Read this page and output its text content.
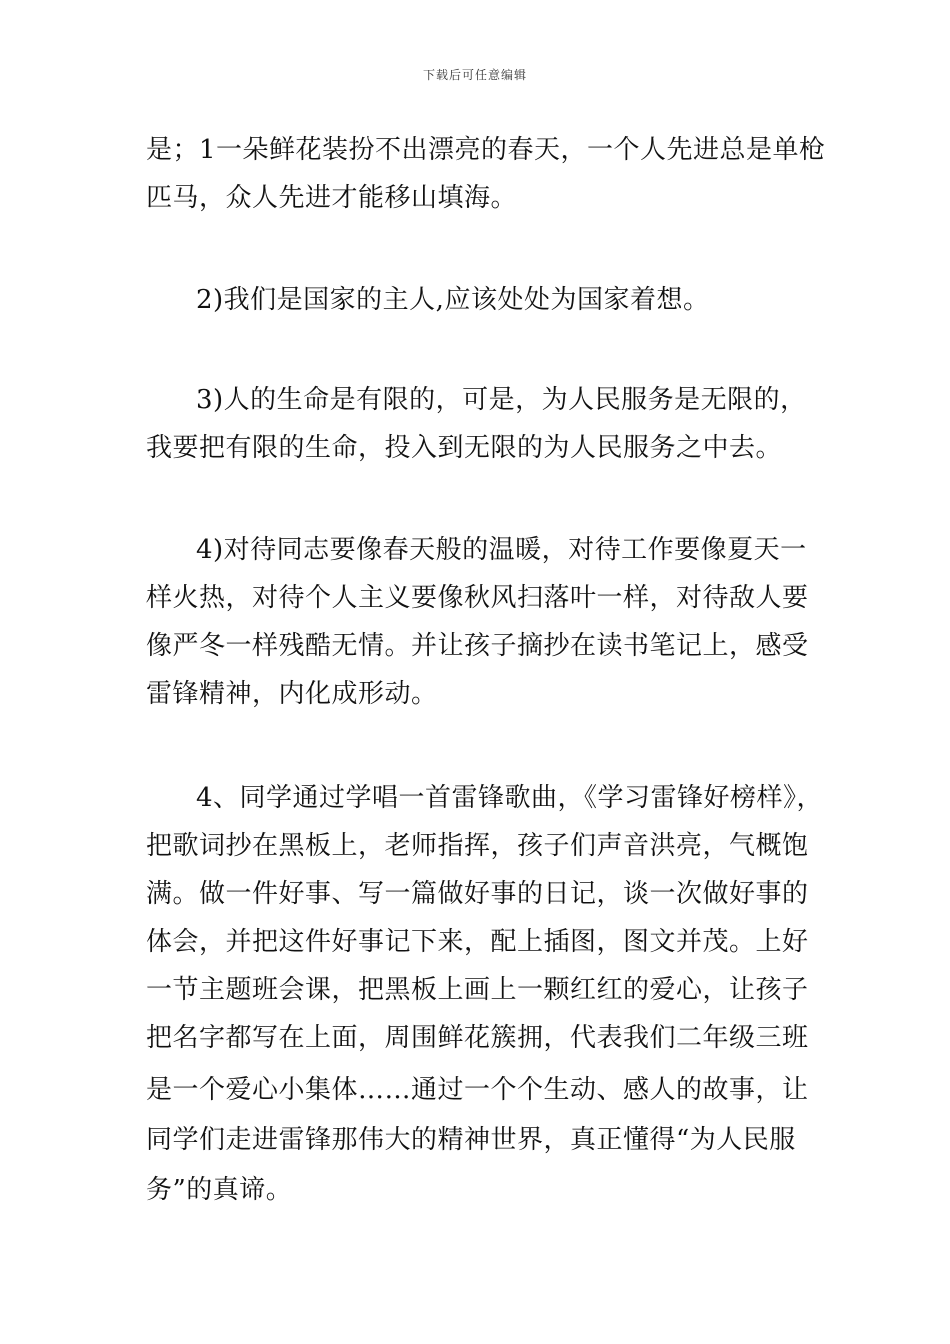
下载后可任意编辑
是；1一朵鲜花装扮不出漂亮的春天，一个人先进总是单枪
匹马，众人先进才能移山填海。
2)我们是国家的主人,应该处处为国家着想。
3)人的生命是有限的，可是，为人民服务是无限的，
我要把有限的生命，投入到无限的为人民服务之中去。
4)对待同志要像春天般的温暖，对待工作要像夏天一
样火热，对待个人主义要像秋风扫落叶一样，对待敌人要
像严冬一样残酷无情。并让孩子摘抄在读书笔记上，感受
雷锋精神，内化成形动。
4、同学通过学唱一首雷锋歌曲，《学习雷锋好榜样》，
把歌词抄在黑板上，老师指挥，孩子们声音洪亮，气概饱
满。做一件好事、写一篇做好事的日记，谈一次做好事的
体会，并把这件好事记下来，配上插图，图文并茂。上好
一节主题班会课，把黑板上画上一颗红红的爱心，让孩子
把名字都写在上面，周围鲜花簇拥，代表我们二年级三班
是一个爱心小集体……通过一个个生动、感人的故事，让
同学们走进雷锋那伟大的精神世界，真正懂得“为人民服
务”的真谛。
